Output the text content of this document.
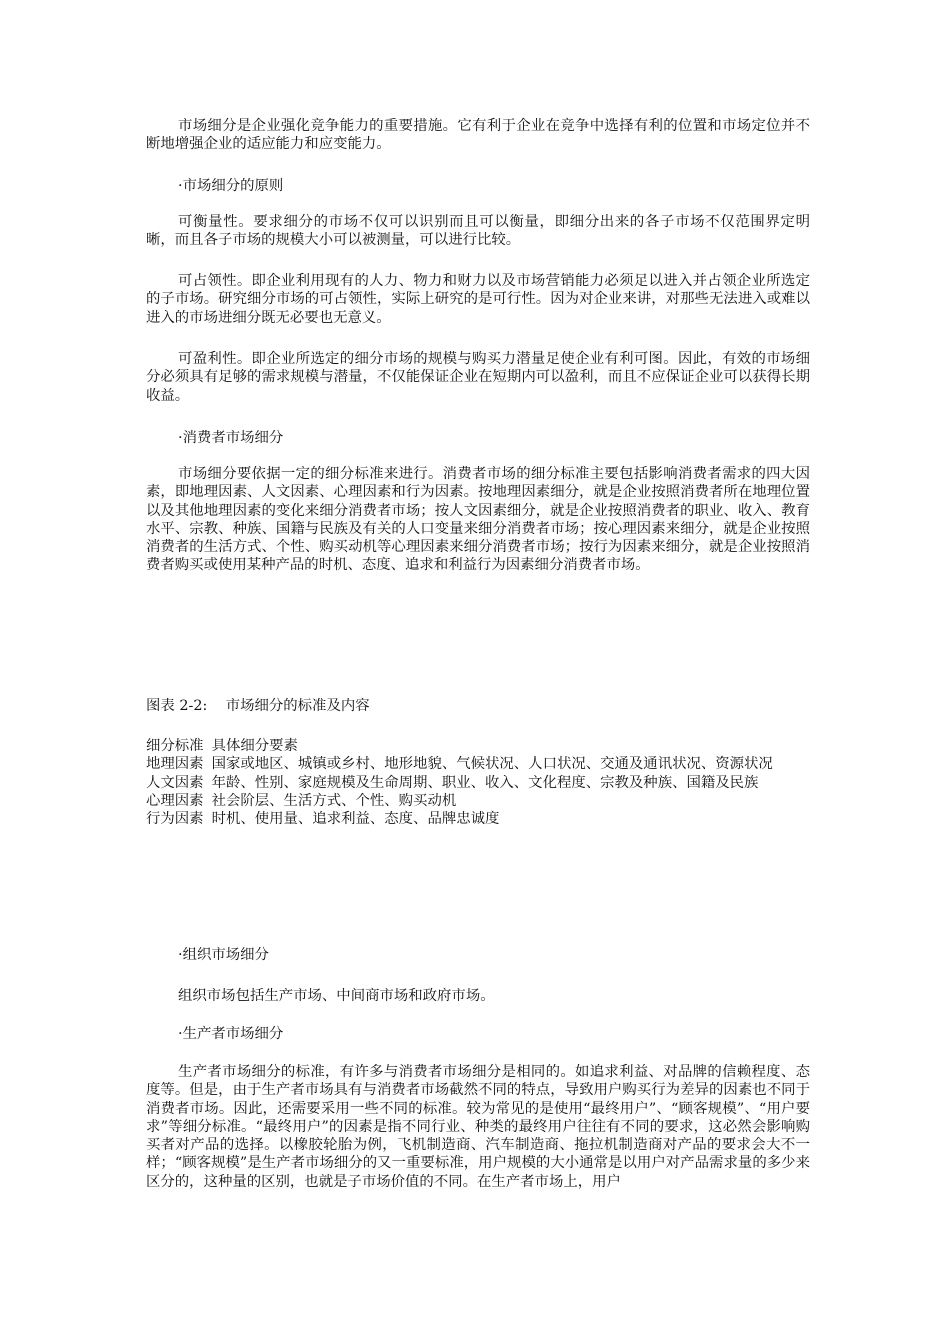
市场细分是企业强化竞争能力的重要措施。它有利于企业在竞争中选择有利的位置和市场定位并不断地增强企业的适应能力和应变能力。

·市场细分的原则

可衡量性。要求细分的市场不仅可以识别而且可以衡量，即细分出来的各子市场不仅范围界定明晰，而且各子市场的规模大小可以被测量，可以进行比较。

可占领性。即企业利用现有的人力、物力和财力以及市场营销能力必须足以进入并占领企业所选定的子市场。研究细分市场的可占领性，实际上研究的是可行性。因为对企业来讲，对那些无法进入或难以进入的市场进细分既无必要也无意义。

可盈利性。即企业所选定的细分市场的规模与购买力潜量足使企业有利可图。因此，有效的市场细分必须具有足够的需求规模与潜量，不仅能保证企业在短期内可以盈利，而且不应保证企业可以获得长期收益。

·消费者市场细分

市场细分要依据一定的细分标准来进行。消费者市场的细分标准主要包括影响消费者需求的四大因素，即地理因素、人文因素、心理因素和行为因素。按地理因素细分，就是企业按照消费者所在地理位置以及其他地理因素的变化来细分消费者市场；按人文因素细分，就是企业按照消费者的职业、收入、教育水平、宗教、种族、国籍与民族及有关的人口变量来细分消费者市场；按心理因素来细分，就是企业按照消费者的生活方式、个性、购买动机等心理因素来细分消费者市场；按行为因素来细分，就是企业按照消费者购买或使用某种产品的时机、态度、追求和利益行为因素细分消费者市场。

图表 2-2: 市场细分的标准及内容
细分标准 具体细分要素
地理因素 国家或地区、城镇或乡村、地形地貌、气候状况、人口状况、交通及通讯状况、资源状况
人文因素 年龄、性别、家庭规模及生命周期、职业、收入、文化程度、宗教及种族、国籍及民族
心理因素 社会阶层、生活方式、个性、购买动机
行为因素 时机、使用量、追求利益、态度、品牌忠诚度

·组织市场细分

组织市场包括生产市场、中间商市场和政府市场。

·生产者市场细分

生产者市场细分的标准，有许多与消费者市场细分是相同的。如追求利益、对品牌的信赖程度、态度等。但是，由于生产者市场具有与消费者市场截然不同的特点，导致用户购买行为差异的因素也不同于消费者市场。因此，还需要采用一些不同的标准。较为常见的是使用“最终用户”、“顾客规模”、“用户要求”等细分标准。“最终用户”的因素是指不同行业、种类的最终用户往往有不同的要求，这必然会影响购买者对产品的选择。以橡胶轮胎为例，飞机制造商、汽车制造商、拖拉机制造商对产品的要求会大不一样；“顾客规模”是生产者市场细分的又一重要标准，用户规模的大小通常是以用户对产品需求量的多少来区分的，这种量的区别，也就是子市场价值的不同。在生产者市场上，用户
